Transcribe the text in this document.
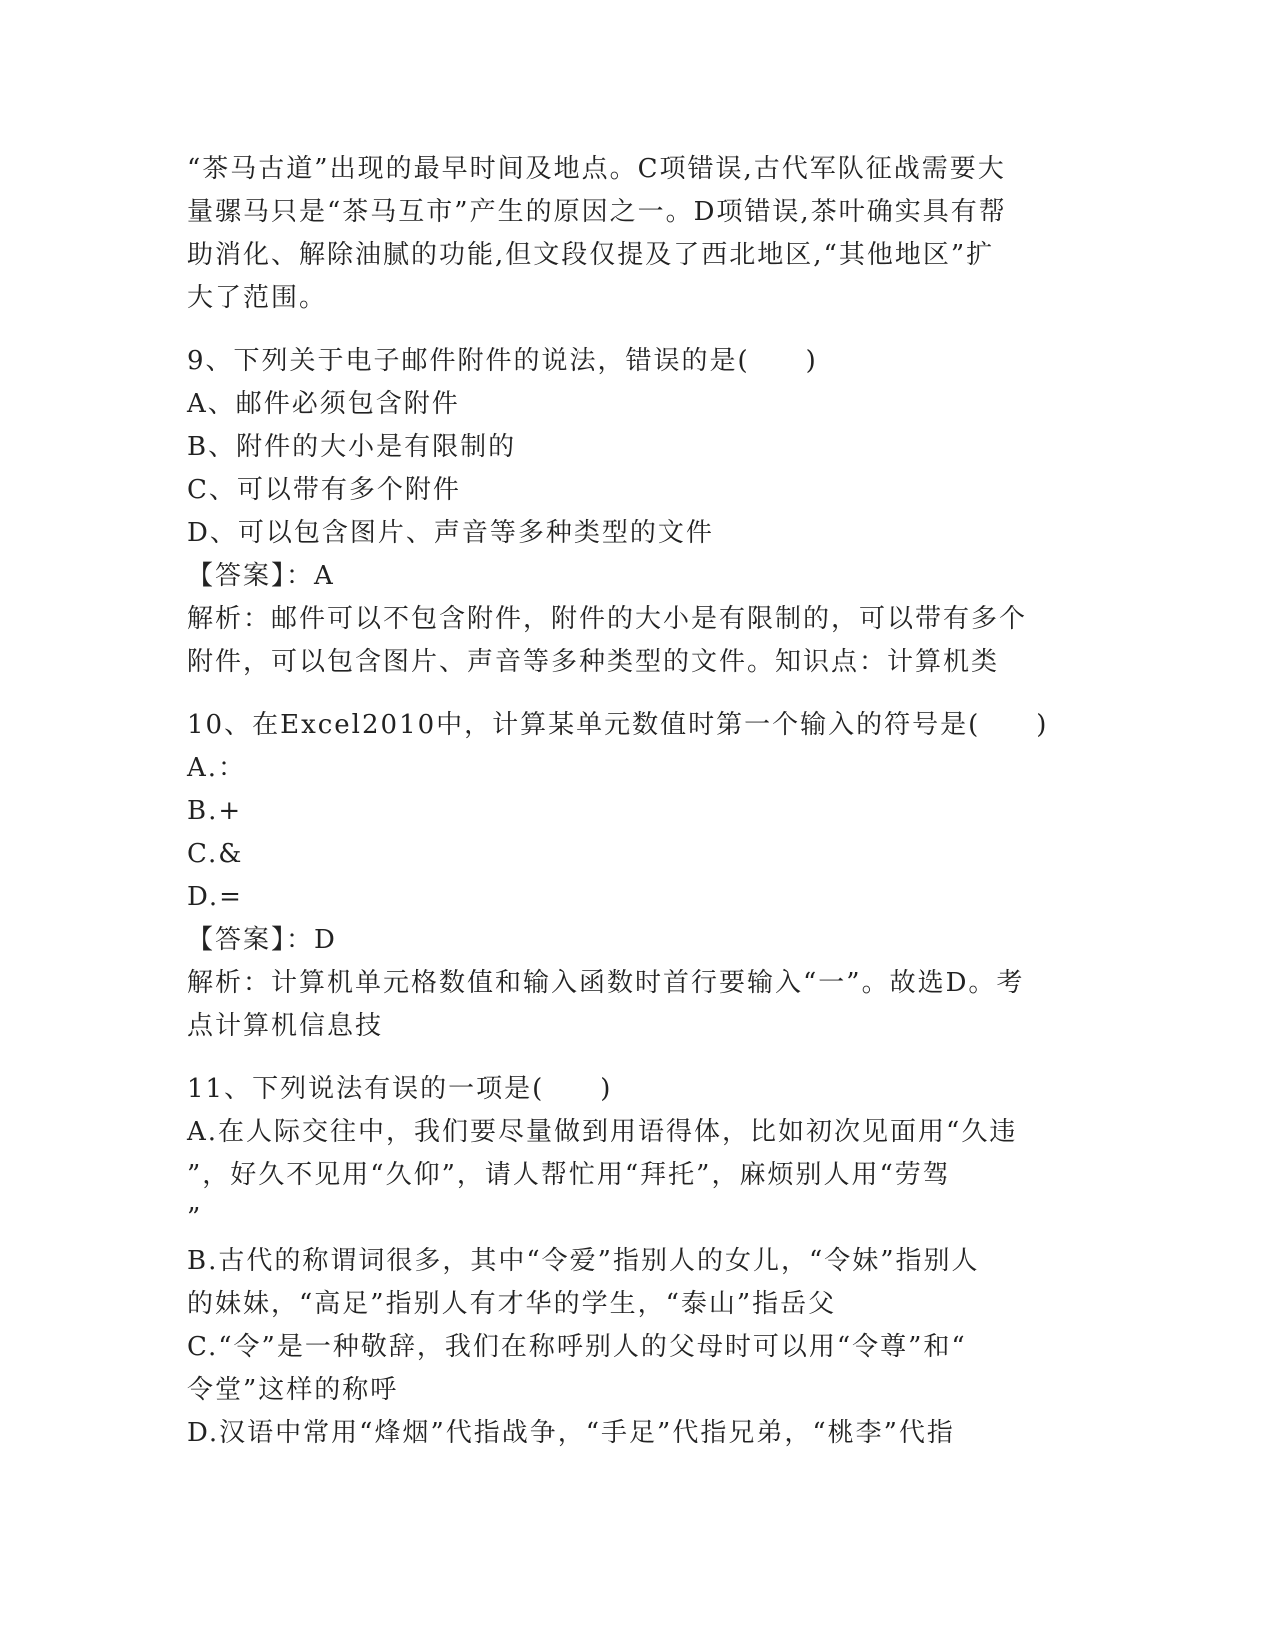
“茶马古道”出现的最早时间及地点。C项错误,古代军队征战需要大
量骡马只是“茶马互市”产生的原因之一。D项错误,茶叶确实具有帮
助消化、解除油腻的功能,但文段仅提及了西北地区,“其他地区”扩
大了范围。
9、下列关于电子邮件附件的说法，错误的是(　　)
A、邮件必须包含附件
B、附件的大小是有限制的
C、可以带有多个附件
D、可以包含图片、声音等多种类型的文件
【答案】：A
解析：邮件可以不包含附件，附件的大小是有限制的，可以带有多个
附件，可以包含图片、声音等多种类型的文件。知识点：计算机类
10、在Excel2010中，计算某单元数值时第一个输入的符号是(　　)
A.：
B.+
C.&
D.=
【答案】：D
解析：计算机单元格数值和输入函数时首行要输入“一”。故选D。考
点计算机信息技
11、下列说法有误的一项是(　　)
A.在人际交往中，我们要尽量做到用语得体，比如初次见面用“久违
”，好久不见用“久仰”，请人帮忙用“拜托”，麻烦别人用“劳驾
”
B.古代的称谓词很多，其中“令爱”指别人的女儿，“令妹”指别人
的妹妹，“高足”指别人有才华的学生，“泰山”指岳父
C.“令”是一种敬辞，我们在称呼别人的父母时可以用“令尊”和“
令堂”这样的称呼
D.汉语中常用“烽烟”代指战争，“手足”代指兄弟，“桃李”代指
